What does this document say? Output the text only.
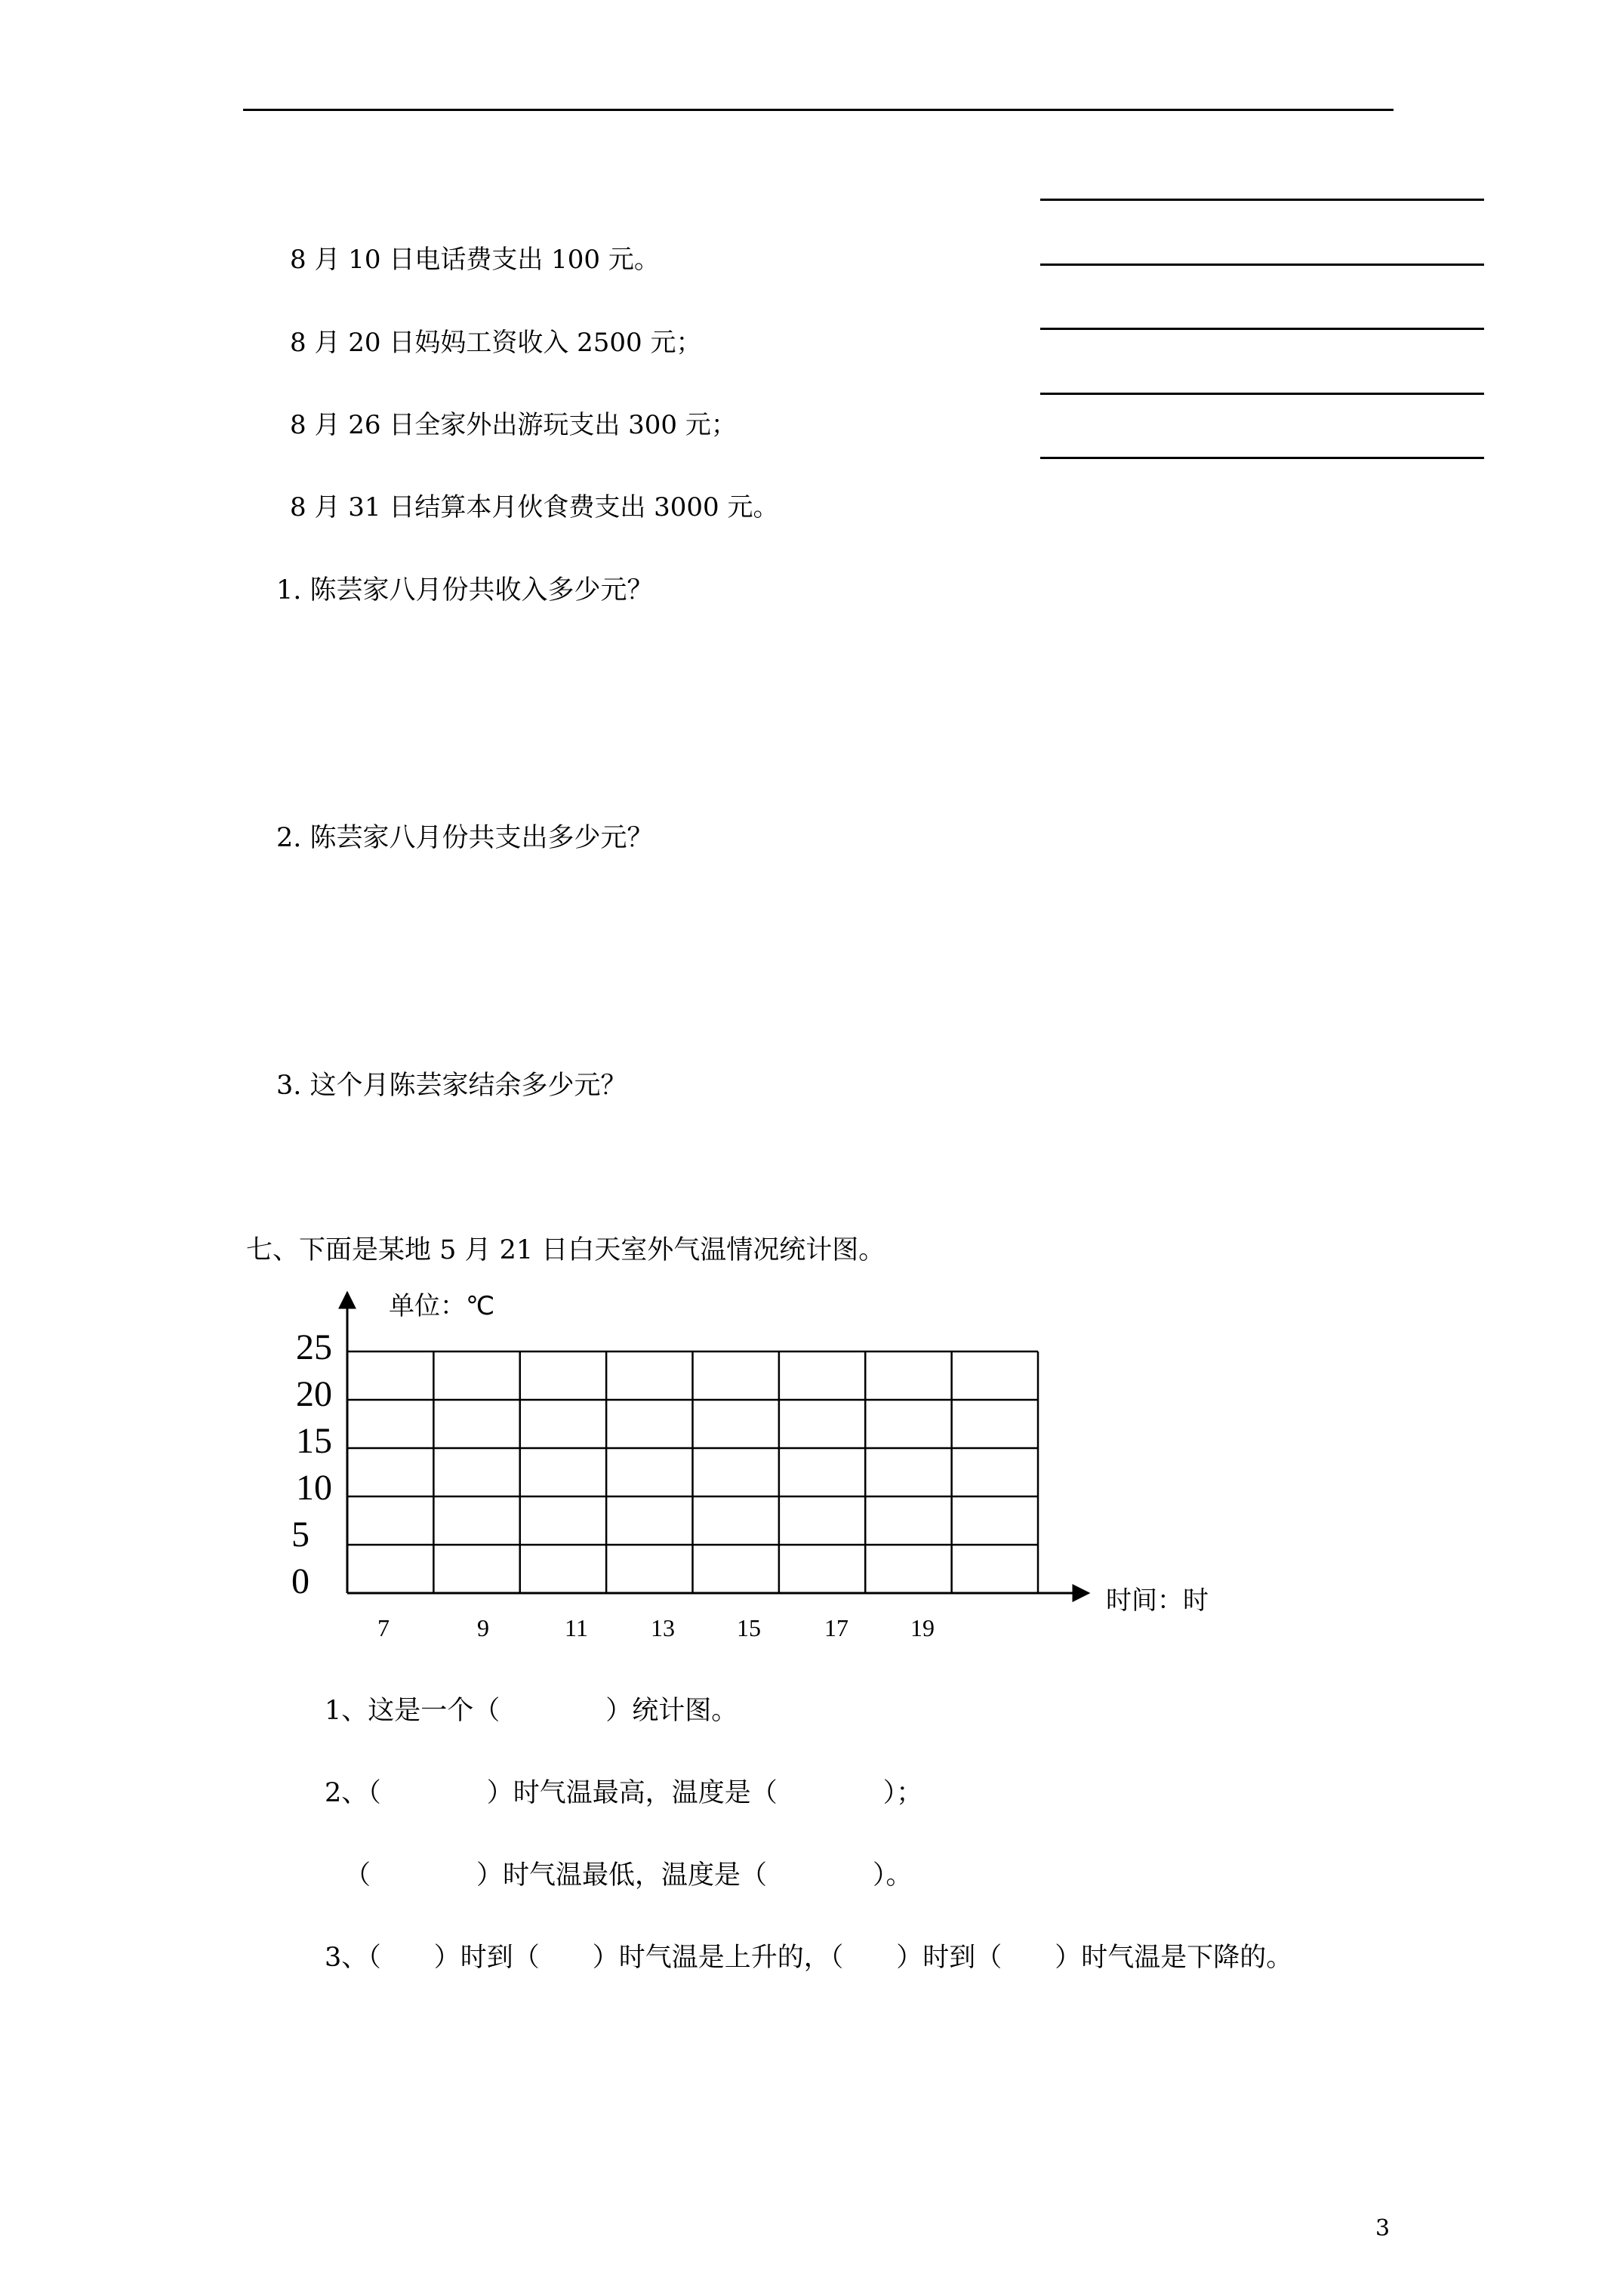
8 月 10 日电话费支出 100 元。
8 月 20 日妈妈工资收入 2500 元；
8 月 26 日全家外出游玩支出 300 元；
8 月 31 日结算本月伙食费支出 3000 元。
1. 陈芸家八月份共收入多少元？
2. 陈芸家八月份共支出多少元？
3. 这个月陈芸家结余多少元？
七、下面是某地 5 月 21 日白天室外气温情况统计图。
单位：℃
时间：时
25
20
15
10
5
0
7	9	11	13	15	17	19
1、这是一个（　　　　）统计图。
2、（　　　　）时气温最高，温度是（　　　　）；
（　　　　）时气温最低，温度是（　　　　）。
3、（　　）时到（　　）时气温是上升的，（　　）时到（　　）时气温是下降的。
3
